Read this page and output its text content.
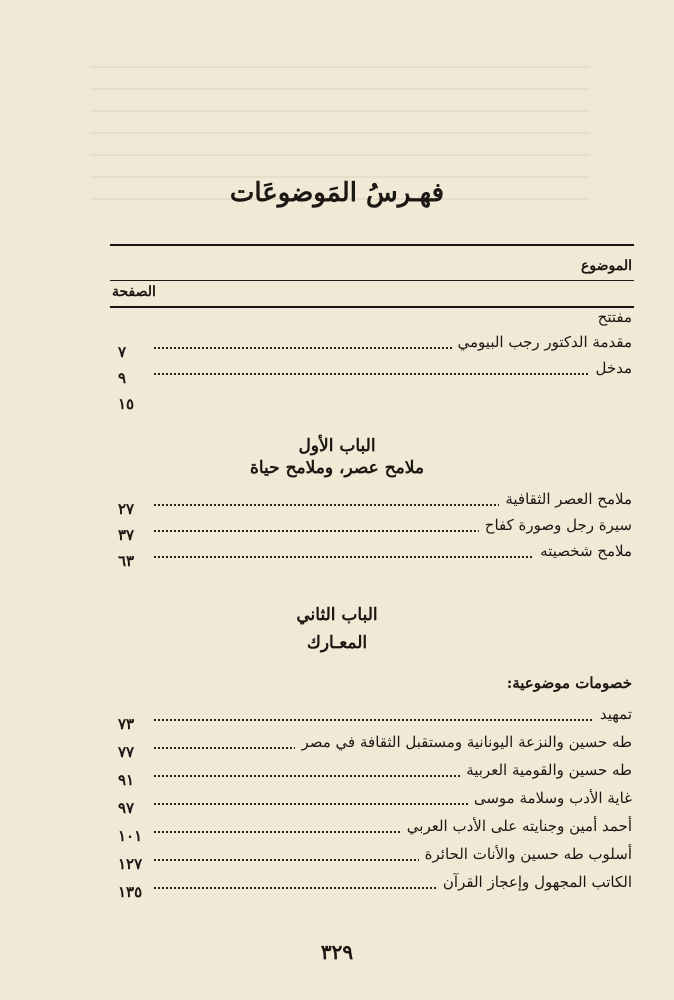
فهـرسُ المَوضوعَات
الموضوع
الصفحة
مفتتح
مقدمة الدكتور رجب البيومي
٧
مدخل
٩
١٥
الباب الأول
ملامح عصر، وملامح حياة
ملامح العصر الثقافية
٢٧
سيرة رجل وصورة كفاح
٣٧
ملامح شخصيته
٦٣
الباب الثاني
المعـارك
خصومات موضوعية:
تمهيد
٧٣
طه حسين والنزعة اليونانية ومستقبل الثقافة في مصر
٧٧
طه حسين والقومية العربية
٩١
غاية الأدب وسلامة موسى
٩٧
أحمد أمين وجنايته على الأدب العربي
١٠١
أسلوب طه حسين والأنات الحائرة
١٢٧
الكاتب المجهول وإعجاز القرآن
١٣٥
٣٢٩
